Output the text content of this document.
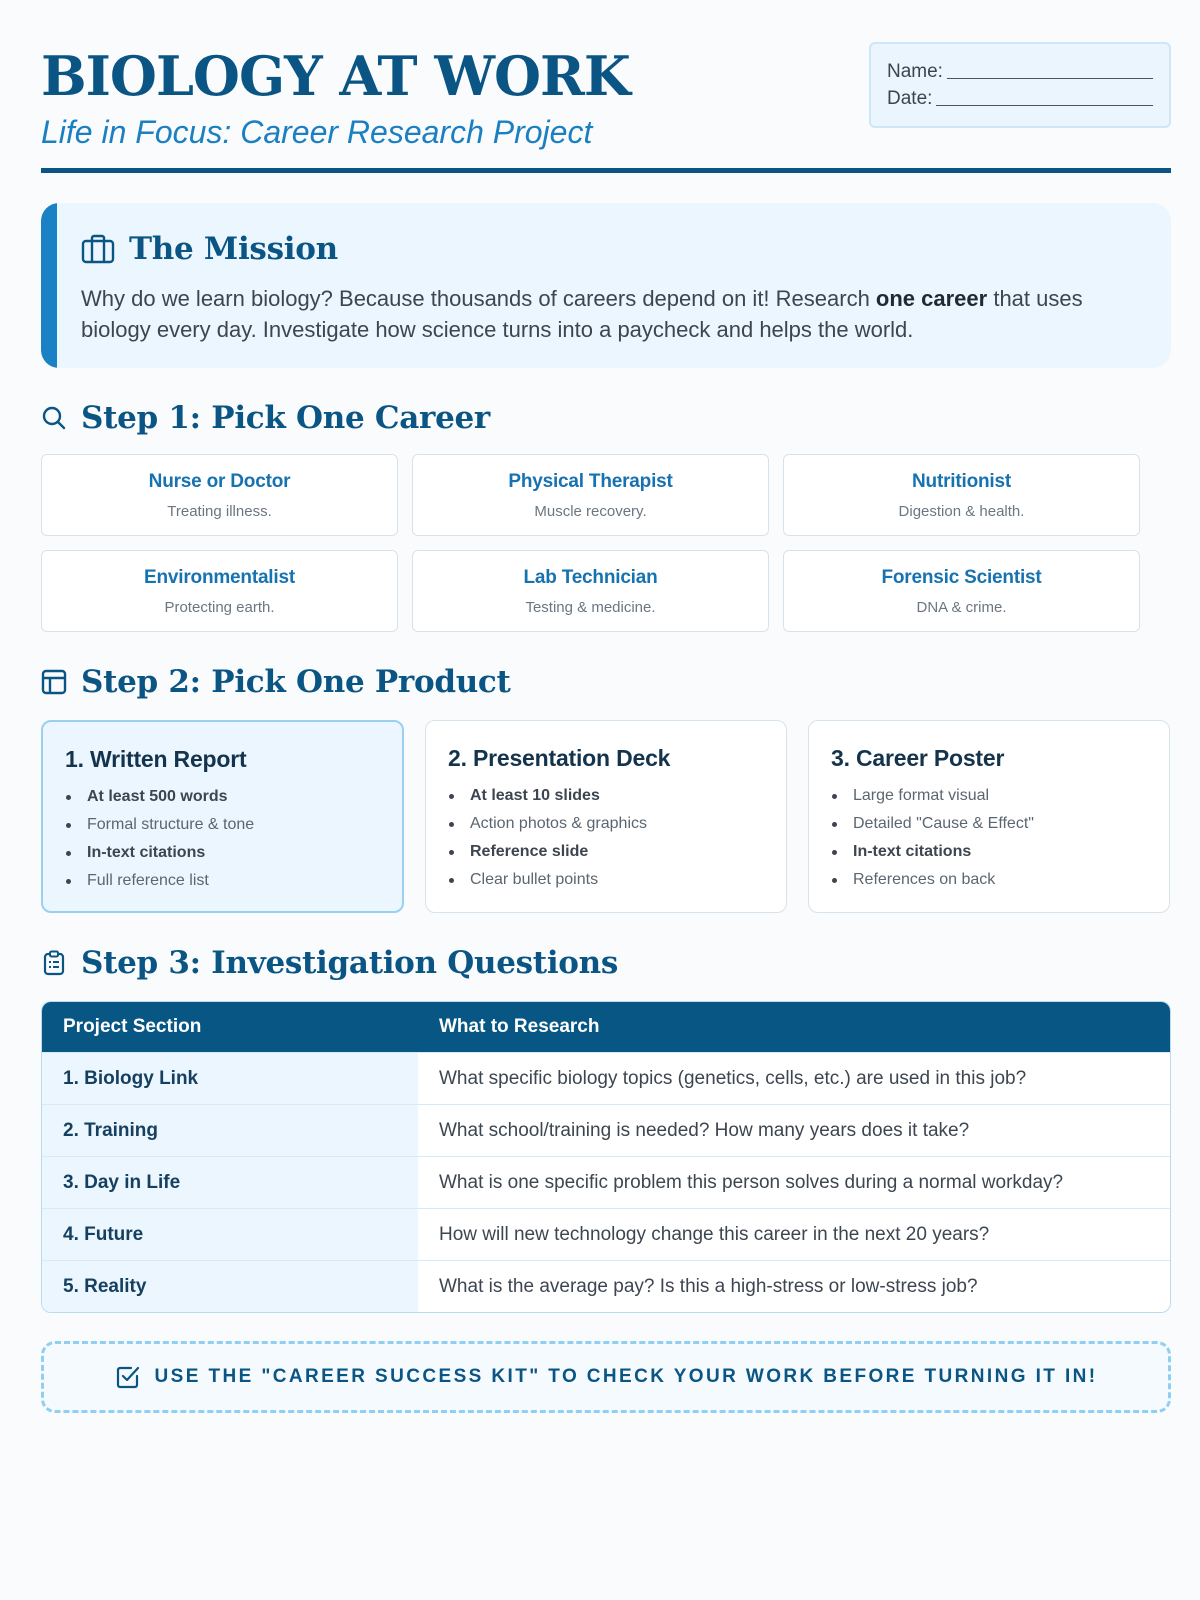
BIOLOGY AT WORK
Life in Focus: Career Research Project
Name:
Date:
The Mission
Why do we learn biology? Because thousands of careers depend on it! Research one career that uses biology every day. Investigate how science turns into a paycheck and helps the world.
Step 1: Pick One Career
Nurse or Doctor
Treating illness.
Physical Therapist
Muscle recovery.
Nutritionist
Digestion & health.
Environmentalist
Protecting earth.
Lab Technician
Testing & medicine.
Forensic Scientist
DNA & crime.
Step 2: Pick One Product
1. Written Report
At least 500 words
Formal structure & tone
In-text citations
Full reference list
2. Presentation Deck
At least 10 slides
Action photos & graphics
Reference slide
Clear bullet points
3. Career Poster
Large format visual
Detailed "Cause & Effect"
In-text citations
References on back
Step 3: Investigation Questions
Project Section	What to Research
1. Biology Link	What specific biology topics (genetics, cells, etc.) are used in this job?
2. Training	What school/training is needed? How many years does it take?
3. Day in Life	What is one specific problem this person solves during a normal workday?
4. Future	How will new technology change this career in the next 20 years?
5. Reality	What is the average pay? Is this a high-stress or low-stress job?
USE THE "CAREER SUCCESS KIT" TO CHECK YOUR WORK BEFORE TURNING IT IN!
